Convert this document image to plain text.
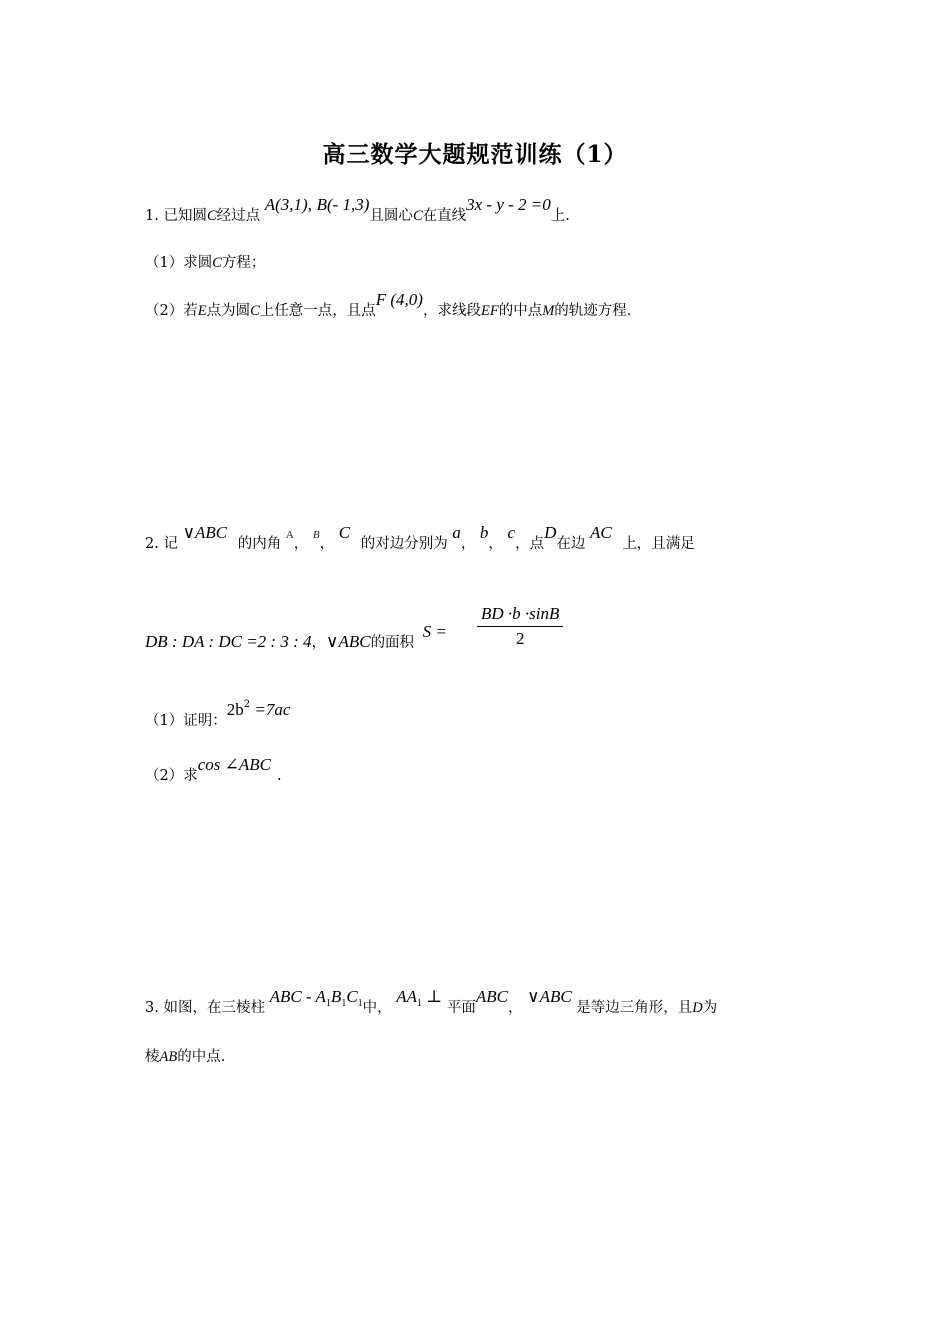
高三数学大题规范训练（1）
1. 已知圆C经过点 A(3,1), B(- 1,3)且圆心C在直线3x - y - 2 =0上.
（1）求圆C方程；
（2）若E点为圆C上任意一点，且点F (4,0)，求线段EF的中点M的轨迹方程.
2. 记 ∨ABC 的内角 $^A$， $^B$， C 的对边分别为 a， b， c，点D在边 AC 上，且满足
DB : DA : DC =2 : 3 : 4，∨ABC的面积 $S = \frac{BD \cdot b \cdot\sin B}{2}$
（1）证明：$2b^2 =7ac$
（2）求cos ∠ABC.
3. 如图，在三棱柱 ABC - $A_1B_1C_1$中， $AA_1$ ⊥ 平面ABC， ∨ABC 是等边三角形，且D为
棱AB的中点.
